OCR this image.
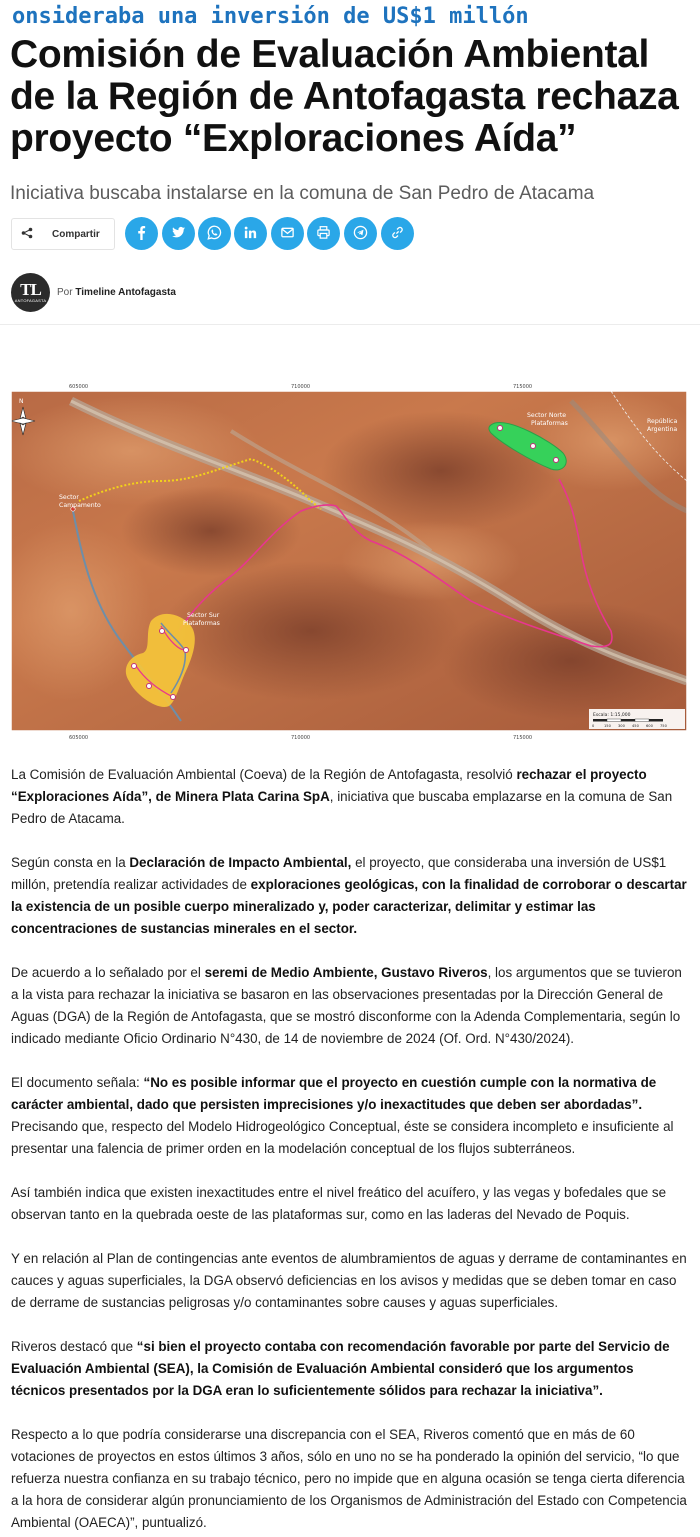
onsideraba una inversión de US$1 millón
Comisión de Evaluación Ambiental de la Región de Antofagasta rechaza proyecto “Exploraciones Aída”
Iniciativa buscaba instalarse en la comuna de San Pedro de Atacama
Compartir
TL
ANTOFAGASTA
Por Timeline Antofagasta
605000	710000	715000
605000	710000	715000
N
Sector
Campamento
Sector Norte
Plataformas
Sector Sur
Plataformas
República
Argentina
Escala: 1:15,000
0	150 300 450 600 750

La Comisión de Evaluación Ambiental (Coeva) de la Región de Antofagasta, resolvió rechazar el proyecto “Exploraciones Aída”, de Minera Plata Carina SpA, iniciativa que buscaba emplazarse en la comuna de San Pedro de Atacama.

Según consta en la Declaración de Impacto Ambiental, el proyecto, que consideraba una inversión de US$1 millón, pretendía realizar actividades de exploraciones geológicas, con la finalidad de corroborar o descartar la existencia de un posible cuerpo mineralizado y, poder caracterizar, delimitar y estimar las concentraciones de sustancias minerales en el sector.

De acuerdo a lo señalado por el seremi de Medio Ambiente, Gustavo Riveros, los argumentos que se tuvieron a la vista para rechazar la iniciativa se basaron en las observaciones presentadas por la Dirección General de Aguas (DGA) de la Región de Antofagasta, que se mostró disconforme con la Adenda Complementaria, según lo indicado mediante Oficio Ordinario N°430, de 14 de noviembre de 2024 (Of. Ord. N°430/2024).

El documento señala: “No es posible informar que el proyecto en cuestión cumple con la normativa de carácter ambiental, dado que persisten imprecisiones y/o inexactitudes que deben ser abordadas”. Precisando que, respecto del Modelo Hidrogeológico Conceptual, éste se considera incompleto e insuficiente al presentar una falencia de primer orden en la modelación conceptual de los flujos subterráneos.

Así también indica que existen inexactitudes entre el nivel freático del acuífero, y las vegas y bofedales que se observan tanto en la quebrada oeste de las plataformas sur, como en las laderas del Nevado de Poquis.

Y en relación al Plan de contingencias ante eventos de alumbramientos de aguas y derrame de contaminantes en cauces y aguas superficiales, la DGA observó deficiencias en los avisos y medidas que se deben tomar en caso de derrame de sustancias peligrosas y/o contaminantes sobre causes y aguas superficiales.

Riveros destacó que “si bien el proyecto contaba con recomendación favorable por parte del Servicio de Evaluación Ambiental (SEA), la Comisión de Evaluación Ambiental consideró que los argumentos técnicos presentados por la DGA eran lo suficientemente sólidos para rechazar la iniciativa”.

Respecto a lo que podría considerarse una discrepancia con el SEA, Riveros comentó que en más de 60 votaciones de proyectos en estos últimos 3 años, sólo en uno no se ha ponderado la opinión del servicio, “lo que refuerza nuestra confianza en su trabajo técnico, pero no impide que en alguna ocasión se tenga cierta diferencia a la hora de considerar algún pronunciamiento de los Organismos de Administración del Estado con Competencia Ambiental (OAECA)”, puntualizó.
